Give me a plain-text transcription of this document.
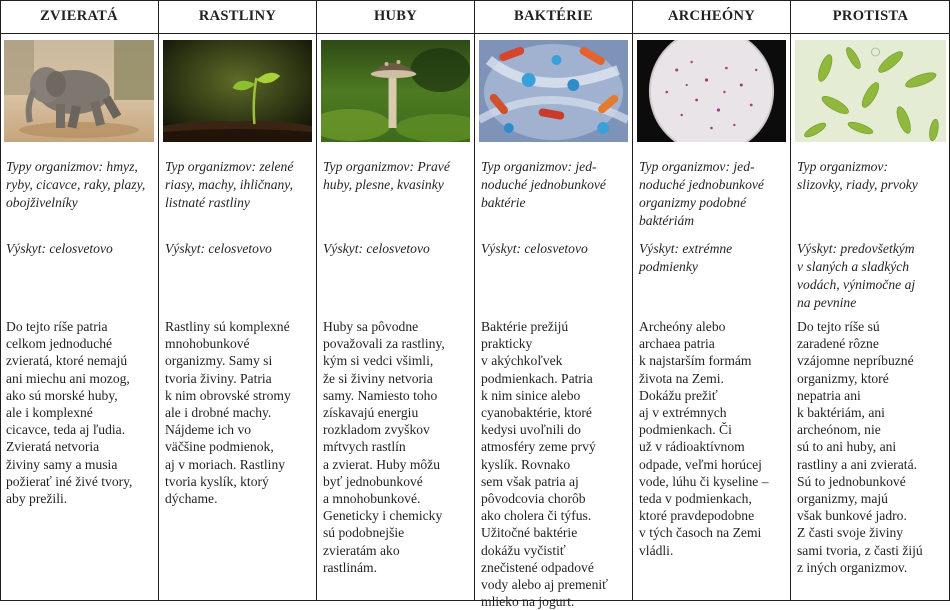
ZVIERATÁ
Typy organizmov: hmyz,
ryby, cicavce, raky, plazy,
obojživelníky
Výskyt: celosvetovo
Do tejto ríše patria
celkom jednoduché
zvieratá, ktoré nemajú
ani miechu ani mozog,
ako sú morské huby,
ale i komplexné
cicavce, teda aj ľudia.
Zvieratá netvoria
živiny samy a musia
požierať iné živé tvory,
aby prežili.
RASTLINY
Typ organizmov: zelené
riasy, machy, ihličnany,
listnaté rastliny
Výskyt: celosvetovo
Rastliny sú komplexné
mnohobunkové
organizmy. Samy si
tvoria živiny. Patria
k nim obrovské stromy
ale i drobné machy.
Nájdeme ich vo
väčšine podmienok,
aj v moriach. Rastliny
tvoria kyslík, ktorý
dýchame.
HUBY
Typ organizmov: Pravé
huby, plesne, kvasinky
Výskyt: celosvetovo
Huby sa pôvodne
považovali za rastliny,
kým si vedci všimli,
že si živiny netvoria
samy. Namiesto toho
získavajú energiu
rozkladom zvyškov
mŕtvych rastlín
a zvierat. Huby môžu
byť jednobunkové
a mnohobunkové.
Geneticky i chemicky
sú podobnejšie
zvieratám ako
rastlinám.
BAKTÉRIE
Typ organizmov: jed-
noduché jednobunkové
baktérie
Výskyt: celosvetovo
Baktérie prežijú
prakticky
v akýchkoľvek
podmienkach. Patria
k nim sinice alebo
cyanobaktérie, ktoré
kedysi uvoľnili do
atmosféry zeme prvý
kyslík. Rovnako
sem však patria aj
pôvodcovia chorôb
ako cholera či týfus.
Užitočné baktérie
dokážu vyčistiť
znečistené odpadové
vody alebo aj premeniť
mlieko na jogurt.
ARCHEÓNY
Typ organizmov: jed-
noduché jednobunkové
organizmy podobné
baktériám
Výskyt: extrémne
podmienky
Archeóny alebo
archaea patria
k najstarším formám
života na Zemi.
Dokážu prežiť
aj v extrémnych
podmienkach. Či
už v rádioaktívnom
odpade, veľmi horúcej
vode, lúhu či kyseline –
teda v podmienkach,
ktoré pravdepodobne
v tých časoch na Zemi
vládli.
PROTISTA
Typ organizmov:
slizovky, riady, prvoky
Výskyt: predovšetkým
v slaných a sladkých
vodách, výnimočne aj
na pevnine
Do tejto ríše sú
zaradené rôzne
vzájomne nepríbuzné
organizmy, ktoré
nepatria ani
k baktériám, ani
archeónom, nie
sú to ani huby, ani
rastliny a ani zvieratá.
Sú to jednobunkové
organizmy, majú
však bunkové jadro.
Z časti svoje živiny
sami tvoria, z časti žijú
z iných organizmov.
